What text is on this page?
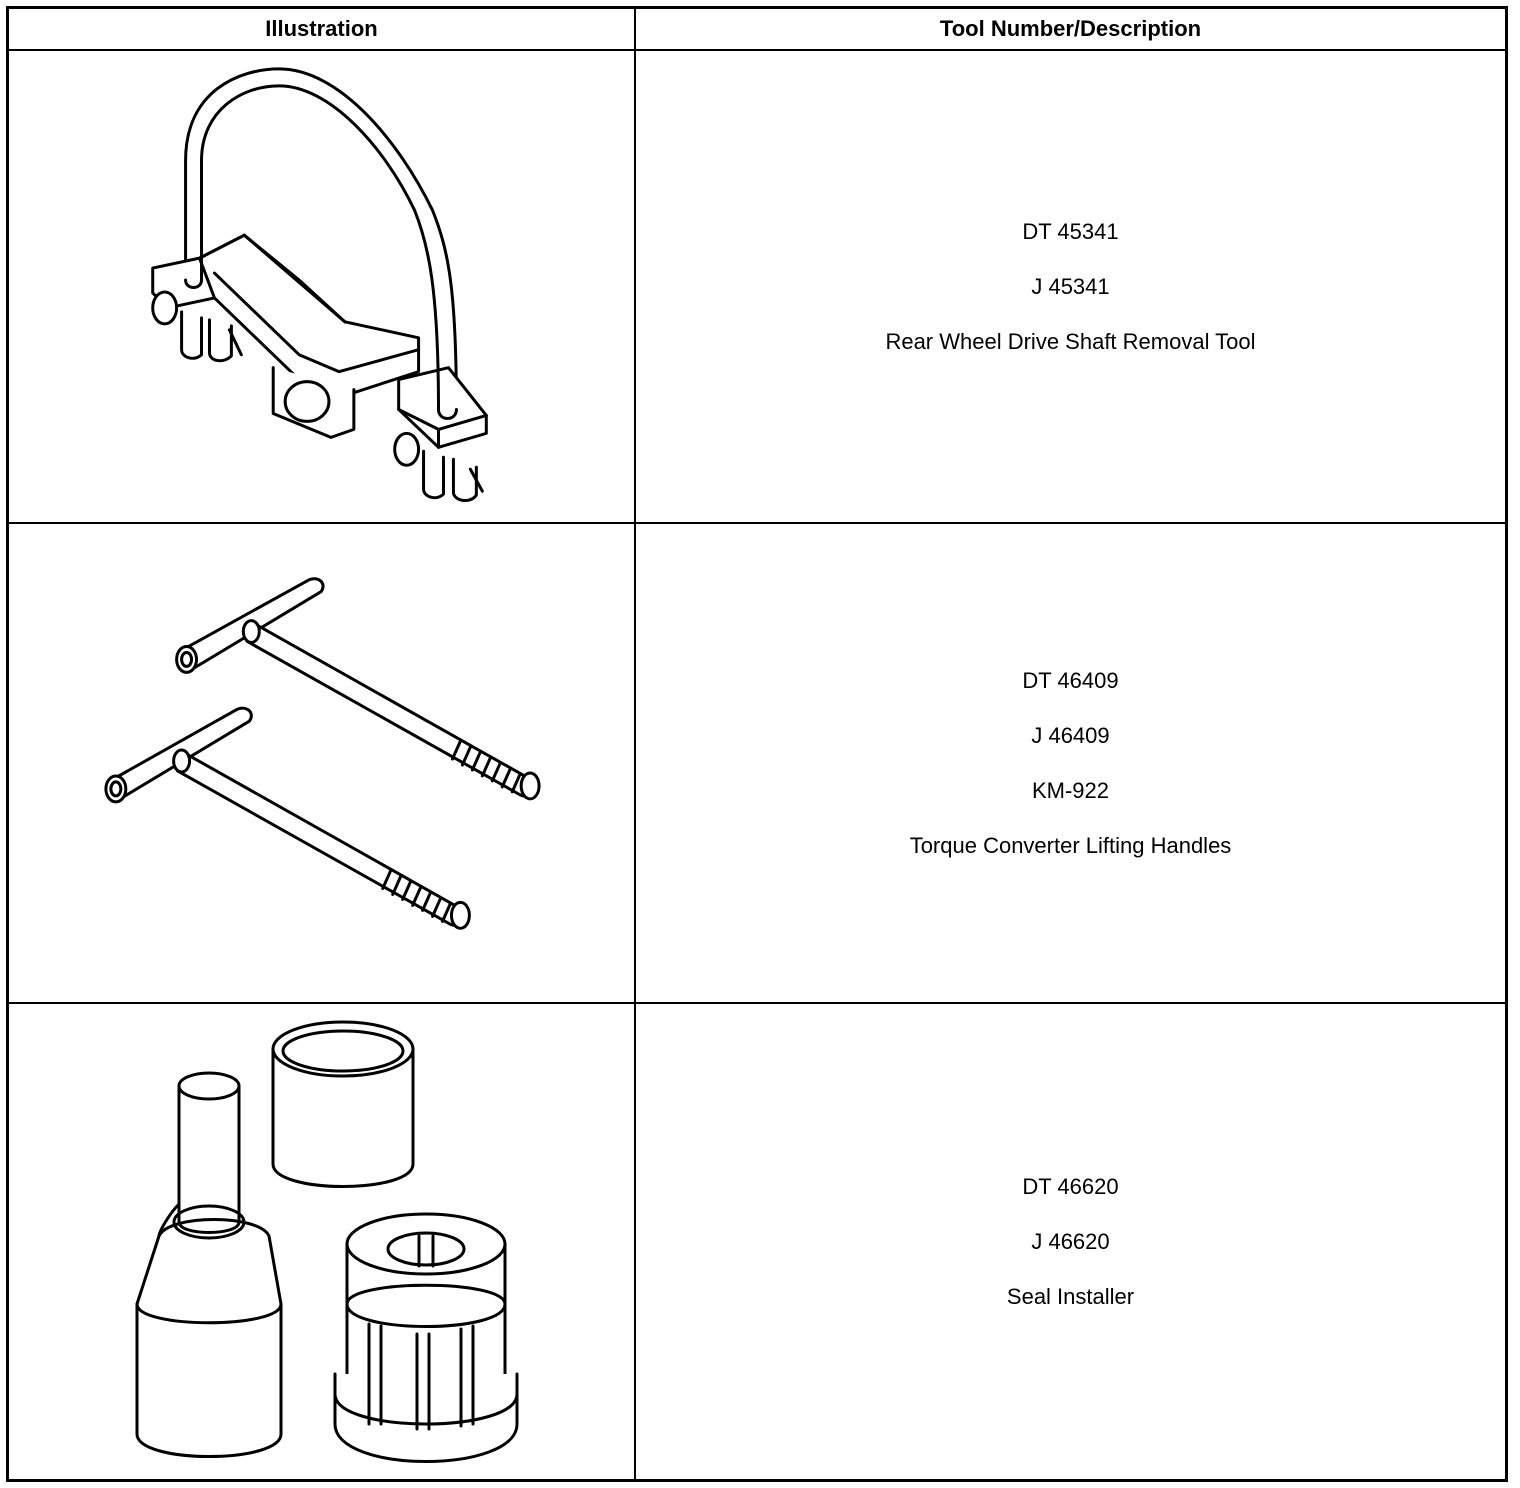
Illustration	Tool Number/Description
DT 45341
J 45341
Rear Wheel Drive Shaft Removal Tool
DT 46409
J 46409
KM-922
Torque Converter Lifting Handles
DT 46620
J 46620
Seal Installer
